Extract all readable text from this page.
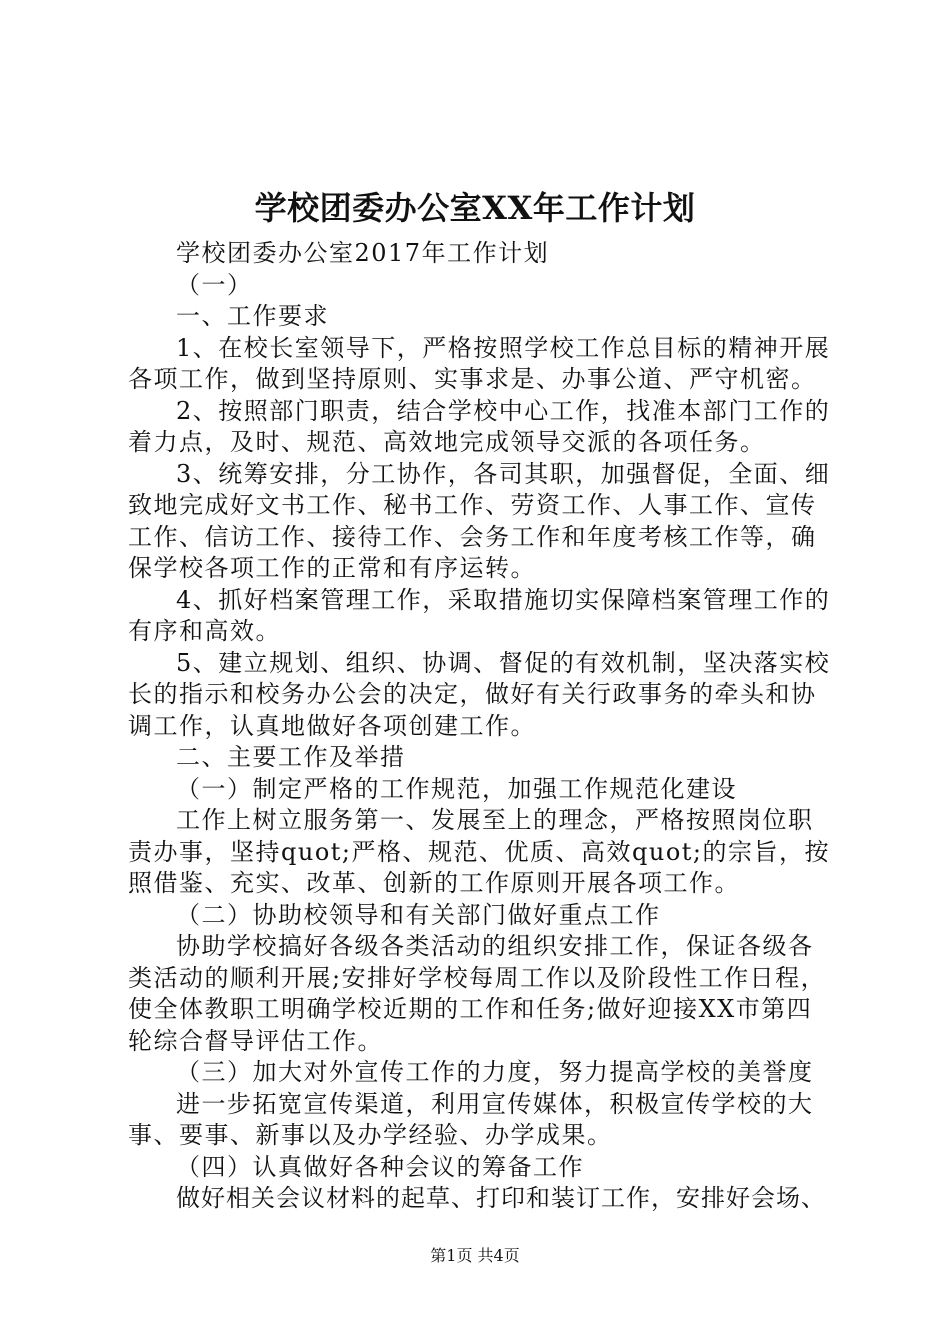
学校团委办公室XX年工作计划
学校团委办公室2017年工作计划
（一）
一、工作要求
1、在校长室领导下，严格按照学校工作总目标的精神开展
各项工作，做到坚持原则、实事求是、办事公道、严守机密。
2、按照部门职责，结合学校中心工作，找准本部门工作的
着力点，及时、规范、高效地完成领导交派的各项任务。
3、统筹安排，分工协作，各司其职，加强督促，全面、细
致地完成好文书工作、秘书工作、劳资工作、人事工作、宣传
工作、信访工作、接待工作、会务工作和年度考核工作等，确
保学校各项工作的正常和有序运转。
4、抓好档案管理工作，采取措施切实保障档案管理工作的
有序和高效。
5、建立规划、组织、协调、督促的有效机制，坚决落实校
长的指示和校务办公会的决定，做好有关行政事务的牵头和协
调工作，认真地做好各项创建工作。
二、主要工作及举措
（一）制定严格的工作规范，加强工作规范化建设
工作上树立服务第一、发展至上的理念，严格按照岗位职
责办事，坚持quot;严格、规范、优质、高效quot;的宗旨，按
照借鉴、充实、改革、创新的工作原则开展各项工作。
（二）协助校领导和有关部门做好重点工作
协助学校搞好各级各类活动的组织安排工作，保证各级各
类活动的顺利开展;安排好学校每周工作以及阶段性工作日程，
使全体教职工明确学校近期的工作和任务;做好迎接XX市第四
轮综合督导评估工作。
（三）加大对外宣传工作的力度，努力提高学校的美誉度
进一步拓宽宣传渠道，利用宣传媒体，积极宣传学校的大
事、要事、新事以及办学经验、办学成果。
（四）认真做好各种会议的筹备工作
做好相关会议材料的起草、打印和装订工作，安排好会场、
第1页 共4页
